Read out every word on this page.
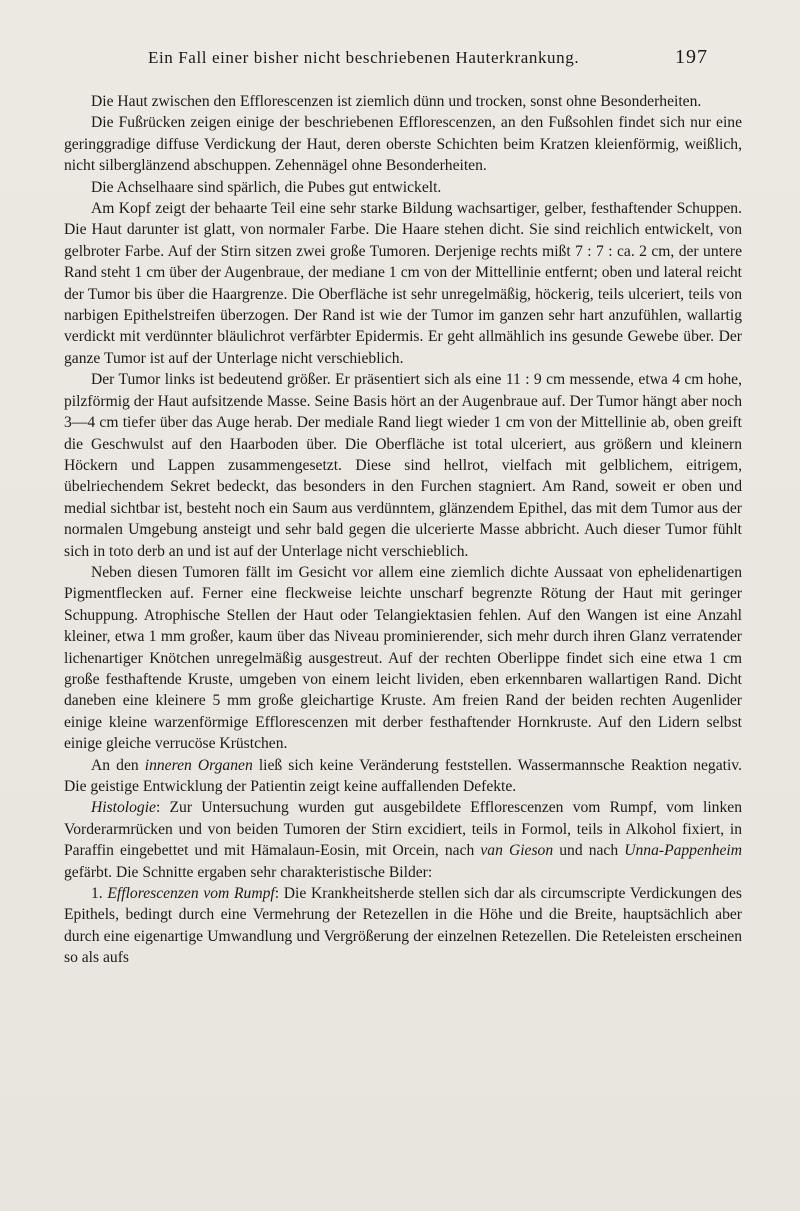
Ein Fall einer bisher nicht beschriebenen Hauterkrankung.	197

Die Haut zwischen den Efflorescenzen ist ziemlich dünn und trocken, sonst ohne Besonderheiten.

Die Fußrücken zeigen einige der beschriebenen Efflorescenzen, an den Fußsohlen findet sich nur eine geringgradige diffuse Verdickung der Haut, deren oberste Schichten beim Kratzen kleienförmig, weißlich, nicht silberglänzend abschuppen. Zehennägel ohne Besonderheiten.

Die Achselhaare sind spärlich, die Pubes gut entwickelt.

Am Kopf zeigt der behaarte Teil eine sehr starke Bildung wachsartiger, gelber, festhaftender Schuppen. Die Haut darunter ist glatt, von normaler Farbe. Die Haare stehen dicht. Sie sind reichlich entwickelt, von gelbroter Farbe. Auf der Stirn sitzen zwei große Tumoren. Derjenige rechts mißt 7 : 7 : ca. 2 cm, der untere Rand steht 1 cm über der Augenbraue, der mediane 1 cm von der Mittellinie entfernt; oben und lateral reicht der Tumor bis über die Haargrenze. Die Oberfläche ist sehr unregelmäßig, höckerig, teils ulceriert, teils von narbigen Epithelstreifen überzogen. Der Rand ist wie der Tumor im ganzen sehr hart anzufühlen, wallartig verdickt mit verdünnter bläulichrot verfärbter Epidermis. Er geht allmählich ins gesunde Gewebe über. Der ganze Tumor ist auf der Unterlage nicht verschieblich.

Der Tumor links ist bedeutend größer. Er präsentiert sich als eine 11 : 9 cm messende, etwa 4 cm hohe, pilzförmig der Haut aufsitzende Masse. Seine Basis hört an der Augenbraue auf. Der Tumor hängt aber noch 3—4 cm tiefer über das Auge herab. Der mediale Rand liegt wieder 1 cm von der Mittellinie ab, oben greift die Geschwulst auf den Haarboden über. Die Oberfläche ist total ulceriert, aus größern und kleinern Höckern und Lappen zusammengesetzt. Diese sind hellrot, vielfach mit gelblichem, eitrigem, übelriechendem Sekret bedeckt, das besonders in den Furchen stagniert. Am Rand, soweit er oben und medial sichtbar ist, besteht noch ein Saum aus verdünntem, glänzendem Epithel, das mit dem Tumor aus der normalen Umgebung ansteigt und sehr bald gegen die ulcerierte Masse abbricht. Auch dieser Tumor fühlt sich in toto derb an und ist auf der Unterlage nicht verschieblich.

Neben diesen Tumoren fällt im Gesicht vor allem eine ziemlich dichte Aussaat von ephelidenartigen Pigmentflecken auf. Ferner eine fleckweise leichte unscharf begrenzte Rötung der Haut mit geringer Schuppung. Atrophische Stellen der Haut oder Telangiektasien fehlen. Auf den Wangen ist eine Anzahl kleiner, etwa 1 mm großer, kaum über das Niveau prominierender, sich mehr durch ihren Glanz verratender lichenartiger Knötchen unregelmäßig ausgestreut. Auf der rechten Oberlippe findet sich eine etwa 1 cm große festhaftende Kruste, umgeben von einem leicht lividen, eben erkennbaren wallartigen Rand. Dicht daneben eine kleinere 5 mm große gleichartige Kruste. Am freien Rand der beiden rechten Augenlider einige kleine warzenförmige Efflorescenzen mit derber festhaftender Hornkruste. Auf den Lidern selbst einige gleiche verrucöse Krüstchen.

An den inneren Organen ließ sich keine Veränderung feststellen. Wassermannsche Reaktion negativ. Die geistige Entwicklung der Patientin zeigt keine auffallenden Defekte.

Histologie: Zur Untersuchung wurden gut ausgebildete Efflorescenzen vom Rumpf, vom linken Vorderarmrücken und von beiden Tumoren der Stirn excidiert, teils in Formol, teils in Alkohol fixiert, in Paraffin eingebettet und mit Hämalaun-Eosin, mit Orcein, nach van Gieson und nach Unna-Pappenheim gefärbt. Die Schnitte ergaben sehr charakteristische Bilder:

1. Efflorescenzen vom Rumpf: Die Krankheitsherde stellen sich dar als circumscripte Verdickungen des Epithels, bedingt durch eine Vermehrung der Retezellen in die Höhe und die Breite, hauptsächlich aber durch eine eigenartige Umwandlung und Vergrößerung der einzelnen Retezellen. Die Reteleisten erscheinen so als aufs
